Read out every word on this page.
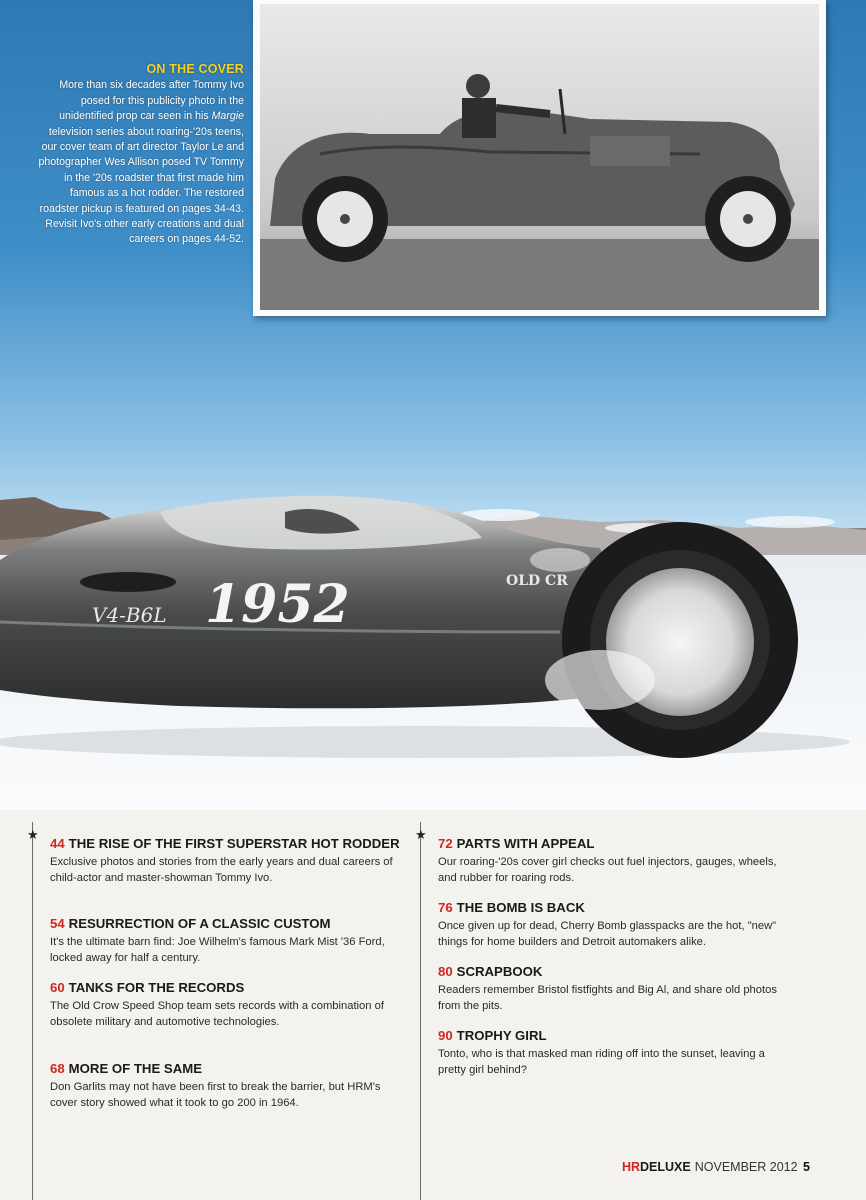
1952
V4-B6L
OLD CR
ON THE COVER
More than six decades after Tommy Ivo posed for this publicity photo in the unidentified prop car seen in his Margie television series about roaring-'20s teens, our cover team of art director Taylor Le and photographer Wes Allison posed TV Tommy in the '20s roadster that first made him famous as a hot rodder. The restored roadster pickup is featured on pages 34-43. Revisit Ivo's other early creations and dual careers on pages 44-52.
★	★
44 THE RISE OF THE FIRST SUPERSTAR HOT RODDER

Exclusive photos and stories from the early years and dual careers of child-actor and master-showman Tommy Ivo.

54 RESURRECTION OF A CLASSIC CUSTOM

It's the ultimate barn find: Joe Wilhelm's famous Mark Mist '36 Ford, locked away for half a century.

60 TANKS FOR THE RECORDS

The Old Crow Speed Shop team sets records with a combination of obsolete military and automotive technologies.

68 MORE OF THE SAME

Don Garlits may not have been first to break the barrier, but HRM's cover story showed what it took to go 200 in 1964.

72 PARTS WITH APPEAL

Our roaring-'20s cover girl checks out fuel injectors, gauges, wheels, and rubber for roaring rods.

76 THE BOMB IS BACK

Once given up for dead, Cherry Bomb glasspacks are the hot, "new" things for home builders and Detroit automakers alike.

80 SCRAPBOOK

Readers remember Bristol fistfights and Big Al, and share old photos from the pits.

90 TROPHY GIRL

Tonto, who is that masked man riding off into the sunset, leaving a pretty girl behind?

HRDELUXE NOVEMBER 2012 5
